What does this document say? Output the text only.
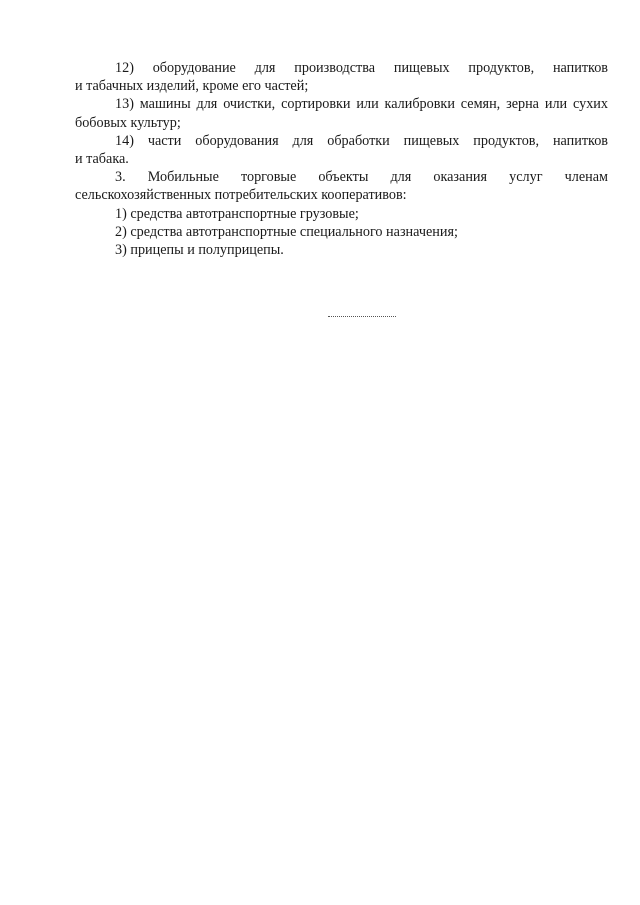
12) оборудование для производства пищевых продуктов, напитков

и табачных изделий, кроме его частей;

13) машины для очистки, сортировки или калибровки семян, зерна или сухих

бобовых культур;

14) части оборудования для обработки пищевых продуктов, напитков

и табака.

3. Мобильные торговые объекты для оказания услуг членам

сельскохозяйственных потребительских кооперативов:

1) средства автотранспортные грузовые;

2) средства автотранспортные специального назначения;

3) прицепы и полуприцепы.
